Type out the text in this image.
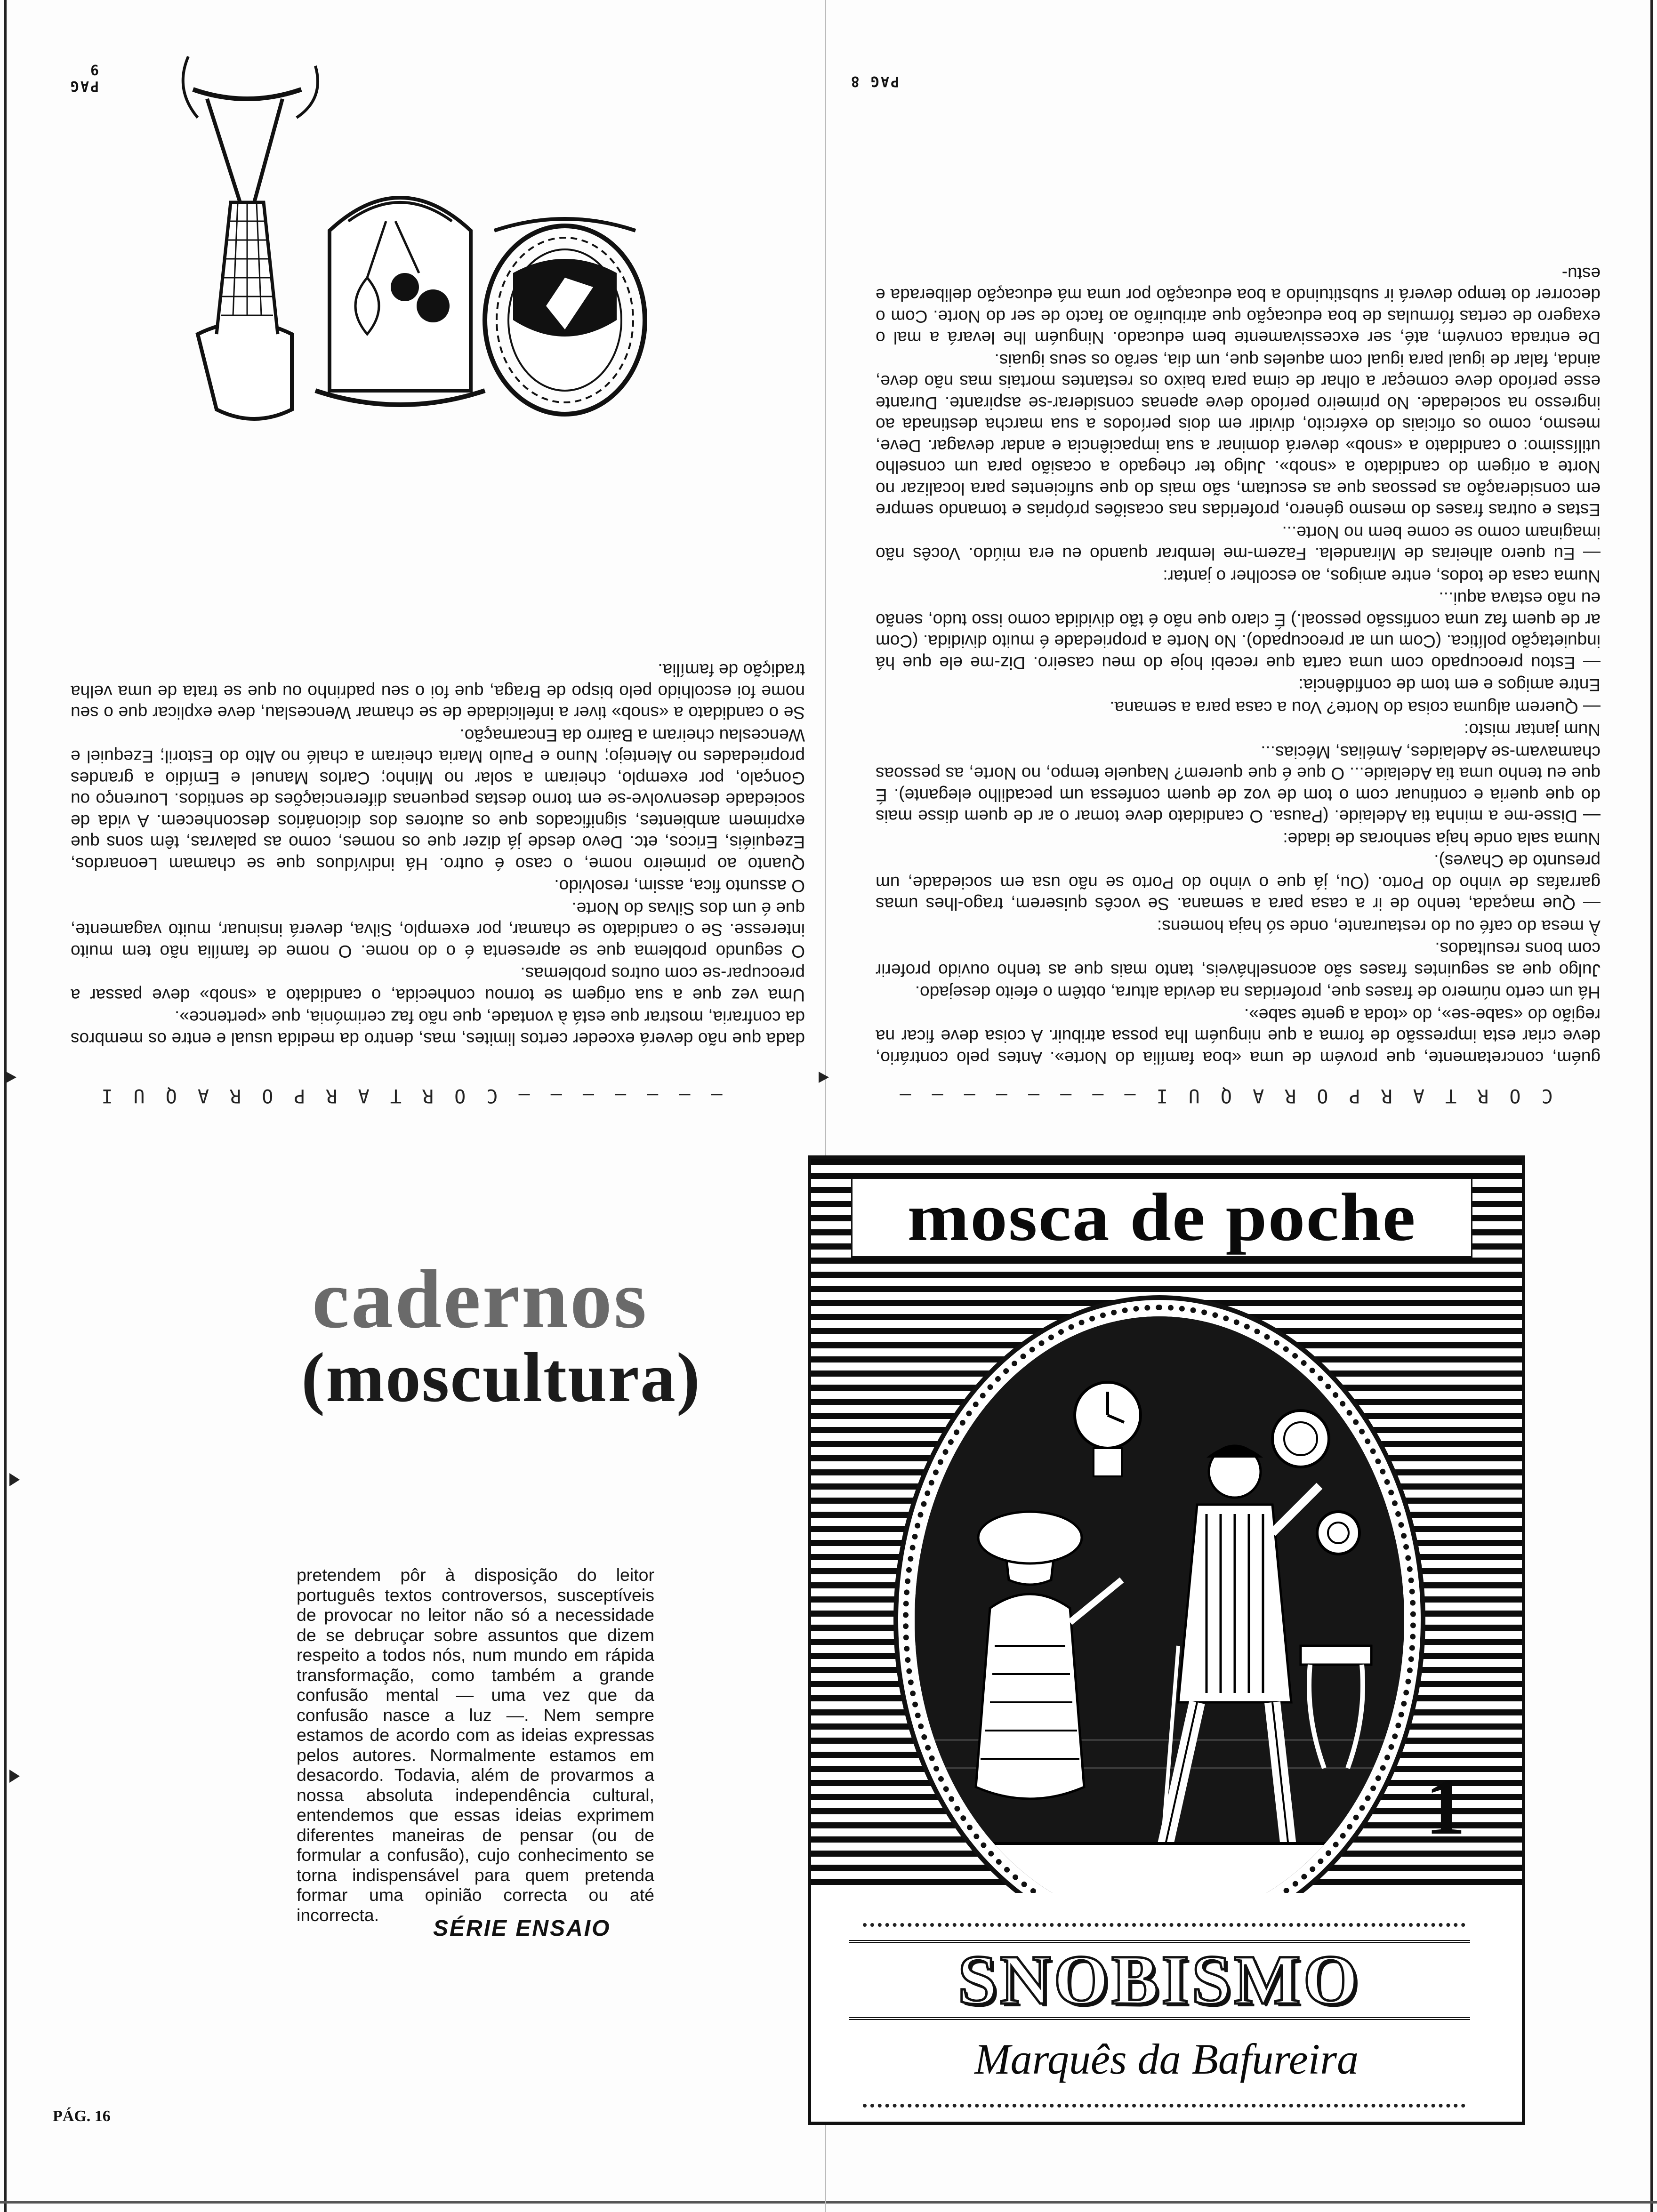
PAG 8

guém, concretamente, que provém de uma «boa família do Norte». Antes pelo contrário, deve criar esta impressão de forma a que ninguém lha possa atribuir. A coisa deve ficar na região do «sabe-se», do «toda a gente sabe».

Há um certo número de frases que, proferidas na devida altura, obtêm o efeito desejado.

Julgo que as seguintes frases são aconselháveis, tanto mais que as tenho ouvido proferir com bons resultados.

À mesa do café ou do restaurante, onde só haja homens:

— Que maçada, tenho de ir a casa para a semana. Se vocês quiserem, trago-lhes umas garrafas de vinho do Porto. (Ou, já que o vinho do Porto se não usa em sociedade, um presunto de Chaves).

Numa sala onde haja senhoras de idade:

— Disse-me a minha tia Adelaide. (Pausa. O candidato deve tomar o ar de quem disse mais do que queria e continuar com o tom de voz de quem confessa um pecadilho elegante). É que eu tenho uma tia Adelaide... O que é que querem? Naquele tempo, no Norte, as pessoas chamavam-se Adelaides, Amélias, Mécias...

Num jantar misto:

— Querem alguma coisa do Norte? Vou a casa para a semana.

Entre amigos e em tom de confidência:

— Estou preocupado com uma carta que recebi hoje do meu caseiro. Diz-me ele que há inquietação política. (Com um ar preocupado). No Norte a propriedade é muito dividida. (Com ar de quem faz uma confissão pessoal.) É claro que não é tão dividida como isso tudo, senão eu não estava aqui...

Numa casa de todos, entre amigos, ao escolher o jantar:

— Eu quero alheiras de Mirandela. Fazem-me lembrar quando eu era miúdo. Vocês não imaginam como se come bem no Norte...

Estas e outras frases do mesmo género, proferidas nas ocasiões próprias e tomando sempre em consideração as pessoas que as escutam, são mais do que suficientes para localizar no Norte a origem do candidato a «snob». Julgo ter chegado a ocasião para um conselho utilíssimo: o candidato a «snob» deverá dominar a sua impaciência e andar devagar. Deve, mesmo, como os oficiais do exército, dividir em dois períodos a sua marcha destinada ao ingresso na sociedade. No primeiro período deve apenas considerar-se aspirante. Durante esse período deve começar a olhar de cima para baixo os restantes mortais mas não deve, ainda, falar de igual para igual com aqueles que, um dia, serão os seus iguais.

De entrada convém, até, ser excessivamente bem educado. Ninguém lhe levará a mal o exagero de certas fórmulas de boa educação que atribuirão ao facto de ser do Norte. Com o decorrer do tempo deverá ir substituindo a boa educação por uma má educação deliberada e estu-

PAG 9

dada que não deverá exceder certos limites, mas, dentro da medida usual e entre os membros da confraria, mostrar que está à vontade, que não faz cerimónia, que «pertence».

Uma vez que a sua origem se tornou conhecida, o candidato a «snob» deve passar a preocupar-se com outros problemas.

O segundo problema que se apresenta é o do nome. O nome de família não tem muito interesse. Se o candidato se chamar, por exemplo, Silva, deverá insinuar, muito vagamente, que é um dos Silvas do Norte.

O assunto fica, assim, resolvido.

Quanto ao primeiro nome, o caso é outro. Há indivíduos que se chamam Leonardos, Ezequiéis, Ericos, etc. Devo desde já dizer que os nomes, como as palavras, têm sons que exprimem ambientes, significados que os autores dos dicionários desconhecem. A vida de sociedade desenvolve-se em torno destas pequenas diferenciações de sentidos. Lourenço ou Gonçalo, por exemplo, cheiram a solar no Minho; Carlos Manuel e Emídio a grandes propriedades no Alentejo; Nuno e Paulo Maria cheiram a chalé no Alto do Estoril; Ezequiel e Wenceslau cheiram a Bairro da Encarnação.

Se o candidato a «snob» tiver a infelicidade de se chamar Wenceslau, deve explicar que o seu nome foi escolhido pelo bispo de Braga, que foi o seu padrinho ou que se trata de uma velha tradição de família.

— — — — — — — C O R T A R P O R A Q U I	C O R T A R P O R A Q U I — — — — — — — —
cadernos
(moscultura)
pretendem pôr à disposição do leitor português textos controversos, susceptíveis de provocar no leitor não só a necessidade de se debruçar sobre assuntos que dizem respeito a todos nós, num mundo em rápida transformação, como também a grande confusão mental — uma vez que da confusão nasce a luz —. Nem sempre estamos de acordo com as ideias expressas pelos autores. Normalmente estamos em desacordo. Todavia, além de provarmos a nossa absoluta independência cultural, entendemos que essas ideias exprimem diferentes maneiras de pensar (ou de formular a confusão), cujo conhecimento se torna indispensável para quem pretenda formar uma opinião correcta ou até incorrecta.
SÉRIE ENSAIO
PÁG. 16
mosca de poche
1
SNOBISMO
Marquês da Bafureira
